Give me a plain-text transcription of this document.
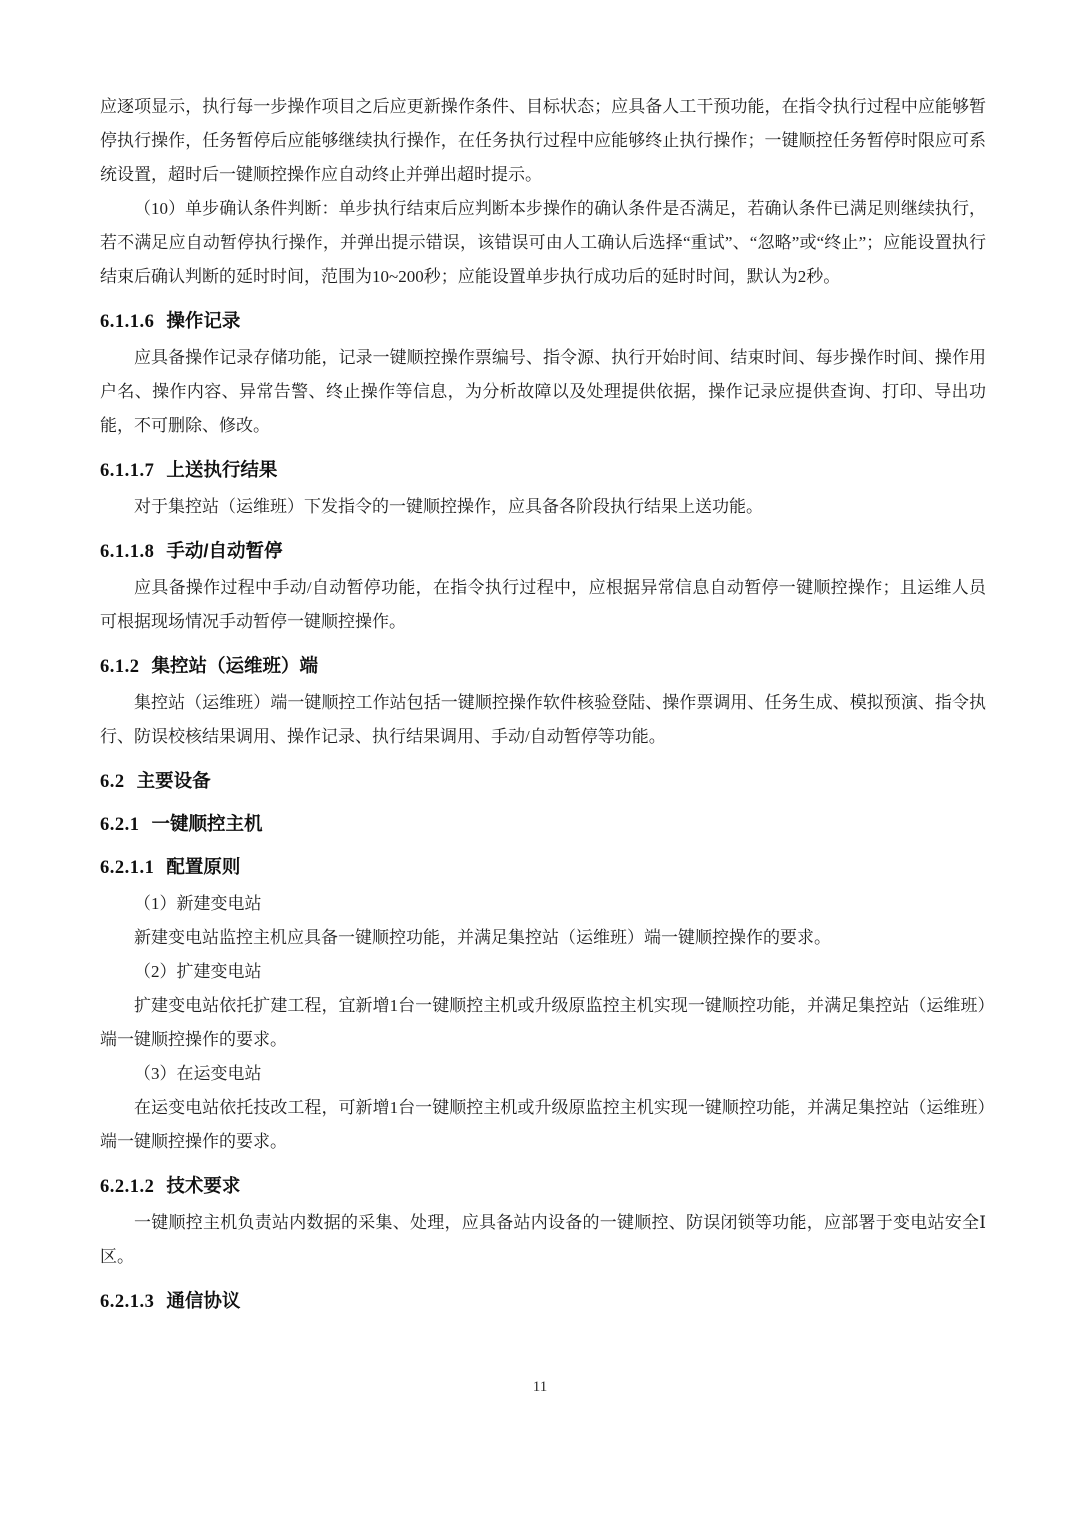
应逐项显示，执行每一步操作项目之后应更新操作条件、目标状态；应具备人工干预功能，在指令执行过程中应能够暂停执行操作，任务暂停后应能够继续执行操作，在任务执行过程中应能够终止执行操作；一键顺控任务暂停时限应可系统设置，超时后一键顺控操作应自动终止并弹出超时提示。

（10）单步确认条件判断：单步执行结束后应判断本步操作的确认条件是否满足，若确认条件已满足则继续执行，若不满足应自动暂停执行操作，并弹出提示错误，该错误可由人工确认后选择“重试”、“忽略”或“终止”；应能设置执行结束后确认判断的延时时间，范围为10~200秒；应能设置单步执行成功后的延时时间，默认为2秒。

6.1.1.6 操作记录

应具备操作记录存储功能，记录一键顺控操作票编号、指令源、执行开始时间、结束时间、每步操作时间、操作用户名、操作内容、异常告警、终止操作等信息，为分析故障以及处理提供依据，操作记录应提供查询、打印、导出功能，不可删除、修改。

6.1.1.7 上送执行结果

对于集控站（运维班）下发指令的一键顺控操作，应具备各阶段执行结果上送功能。

6.1.1.8 手动/自动暂停

应具备操作过程中手动/自动暂停功能，在指令执行过程中，应根据异常信息自动暂停一键顺控操作；且运维人员可根据现场情况手动暂停一键顺控操作。

6.1.2 集控站（运维班）端

集控站（运维班）端一键顺控工作站包括一键顺控操作软件核验登陆、操作票调用、任务生成、模拟预演、指令执行、防误校核结果调用、操作记录、执行结果调用、手动/自动暂停等功能。

6.2 主要设备
6.2.1 一键顺控主机
6.2.1.1 配置原则

（1）新建变电站

新建变电站监控主机应具备一键顺控功能，并满足集控站（运维班）端一键顺控操作的要求。

（2）扩建变电站

扩建变电站依托扩建工程，宜新增1台一键顺控主机或升级原监控主机实现一键顺控功能，并满足集控站（运维班）端一键顺控操作的要求。

（3）在运变电站

在运变电站依托技改工程，可新增1台一键顺控主机或升级原监控主机实现一键顺控功能，并满足集控站（运维班）端一键顺控操作的要求。

6.2.1.2 技术要求

一键顺控主机负责站内数据的采集、处理，应具备站内设备的一键顺控、防误闭锁等功能，应部署于变电站安全Ⅰ区。

6.2.1.3 通信协议
11
